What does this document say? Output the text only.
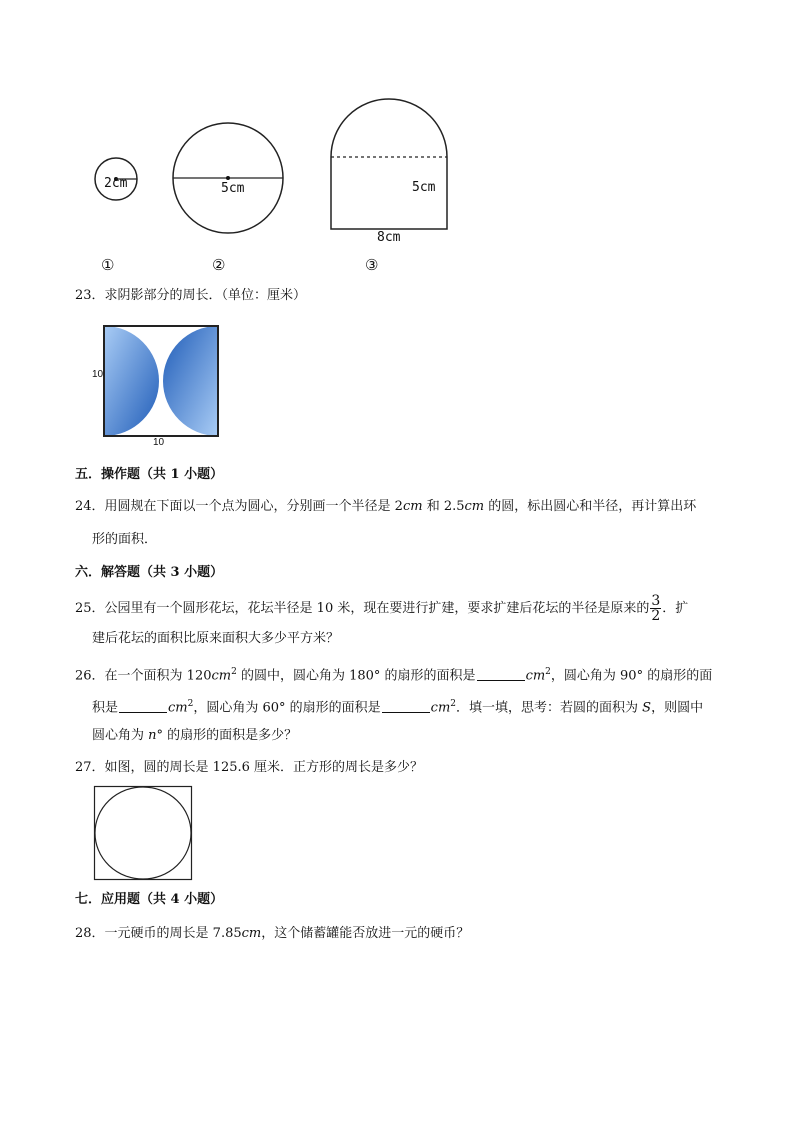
2cm	5cm	5cm
8cm
①	②	③
23．求阴影部分的周长．（单位：厘米）
10
10
五．操作题（共 1 小题）
24．用圆规在下面以一个点为圆心，分别画一个半径是 2cm 和 2.5cm 的圆，标出圆心和半径，再计算出环
形的面积．
六．解答题（共 3 小题）
25．公园里有一个圆形花坛，花坛半径是 10 米，现在要进行扩建，要求扩建后花坛的半径是原来的 $\frac{3}{2}$ ．扩
建后花坛的面积比原来面积大多少平方米？
26．在一个面积为 $120cm^2$ 的圆中，圆心角为 180° 的扇形的面积是	$cm^2$，圆心角为 90° 的扇形的面
积是	$cm^2$，圆心角为 60° 的扇形的面积是	$cm^2$．填一填，思考：若圆的面积为 S，则圆中
圆心角为 n° 的扇形的面积是多少？
27．如图，圆的周长是 125.6 厘米．正方形的周长是多少？
七．应用题（共 4 小题）
28．一元硬币的周长是 7.85cm，这个储蓄罐能否放进一元的硬币？
